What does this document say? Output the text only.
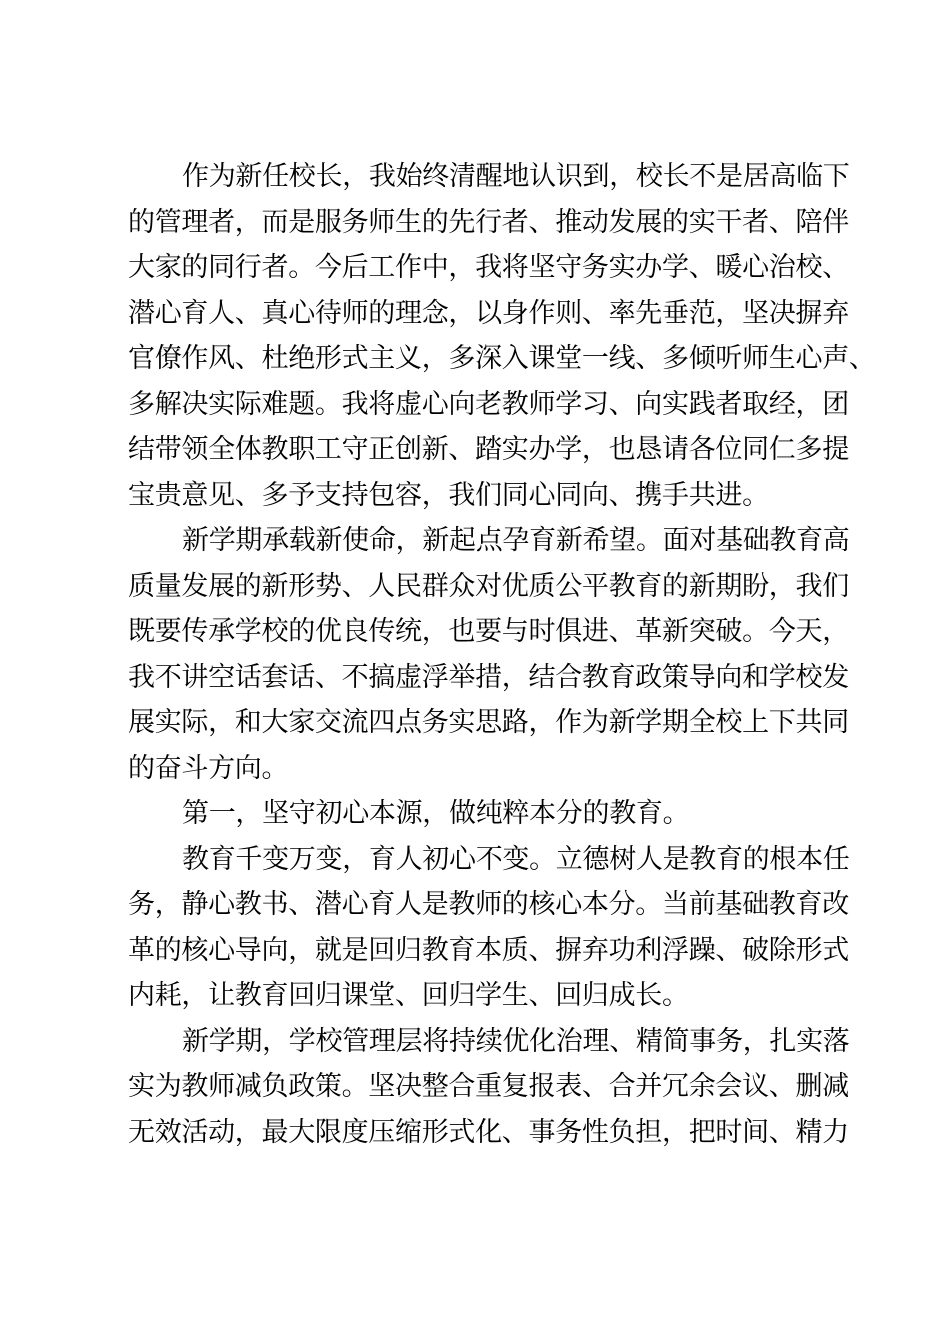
作为新任校长，我始终清醒地认识到，校长不是居高临下
的管理者，而是服务师生的先行者、推动发展的实干者、陪伴
大家的同行者。今后工作中，我将坚守务实办学、暖心治校、
潜心育人、真心待师的理念，以身作则、率先垂范，坚决摒弃
官僚作风、杜绝形式主义，多深入课堂一线、多倾听师生心声、
多解决实际难题。我将虚心向老教师学习、向实践者取经，团
结带领全体教职工守正创新、踏实办学，也恳请各位同仁多提
宝贵意见、多予支持包容，我们同心同向、携手共进。
新学期承载新使命，新起点孕育新希望。面对基础教育高
质量发展的新形势、人民群众对优质公平教育的新期盼，我们
既要传承学校的优良传统，也要与时俱进、革新突破。今天，
我不讲空话套话、不搞虚浮举措，结合教育政策导向和学校发
展实际，和大家交流四点务实思路，作为新学期全校上下共同
的奋斗方向。
第一，坚守初心本源，做纯粹本分的教育。
教育千变万变，育人初心不变。立德树人是教育的根本任
务，静心教书、潜心育人是教师的核心本分。当前基础教育改
革的核心导向，就是回归教育本质、摒弃功利浮躁、破除形式
内耗，让教育回归课堂、回归学生、回归成长。
新学期，学校管理层将持续优化治理、精简事务，扎实落
实为教师减负政策。坚决整合重复报表、合并冗余会议、删减
无效活动，最大限度压缩形式化、事务性负担，把时间、精力
